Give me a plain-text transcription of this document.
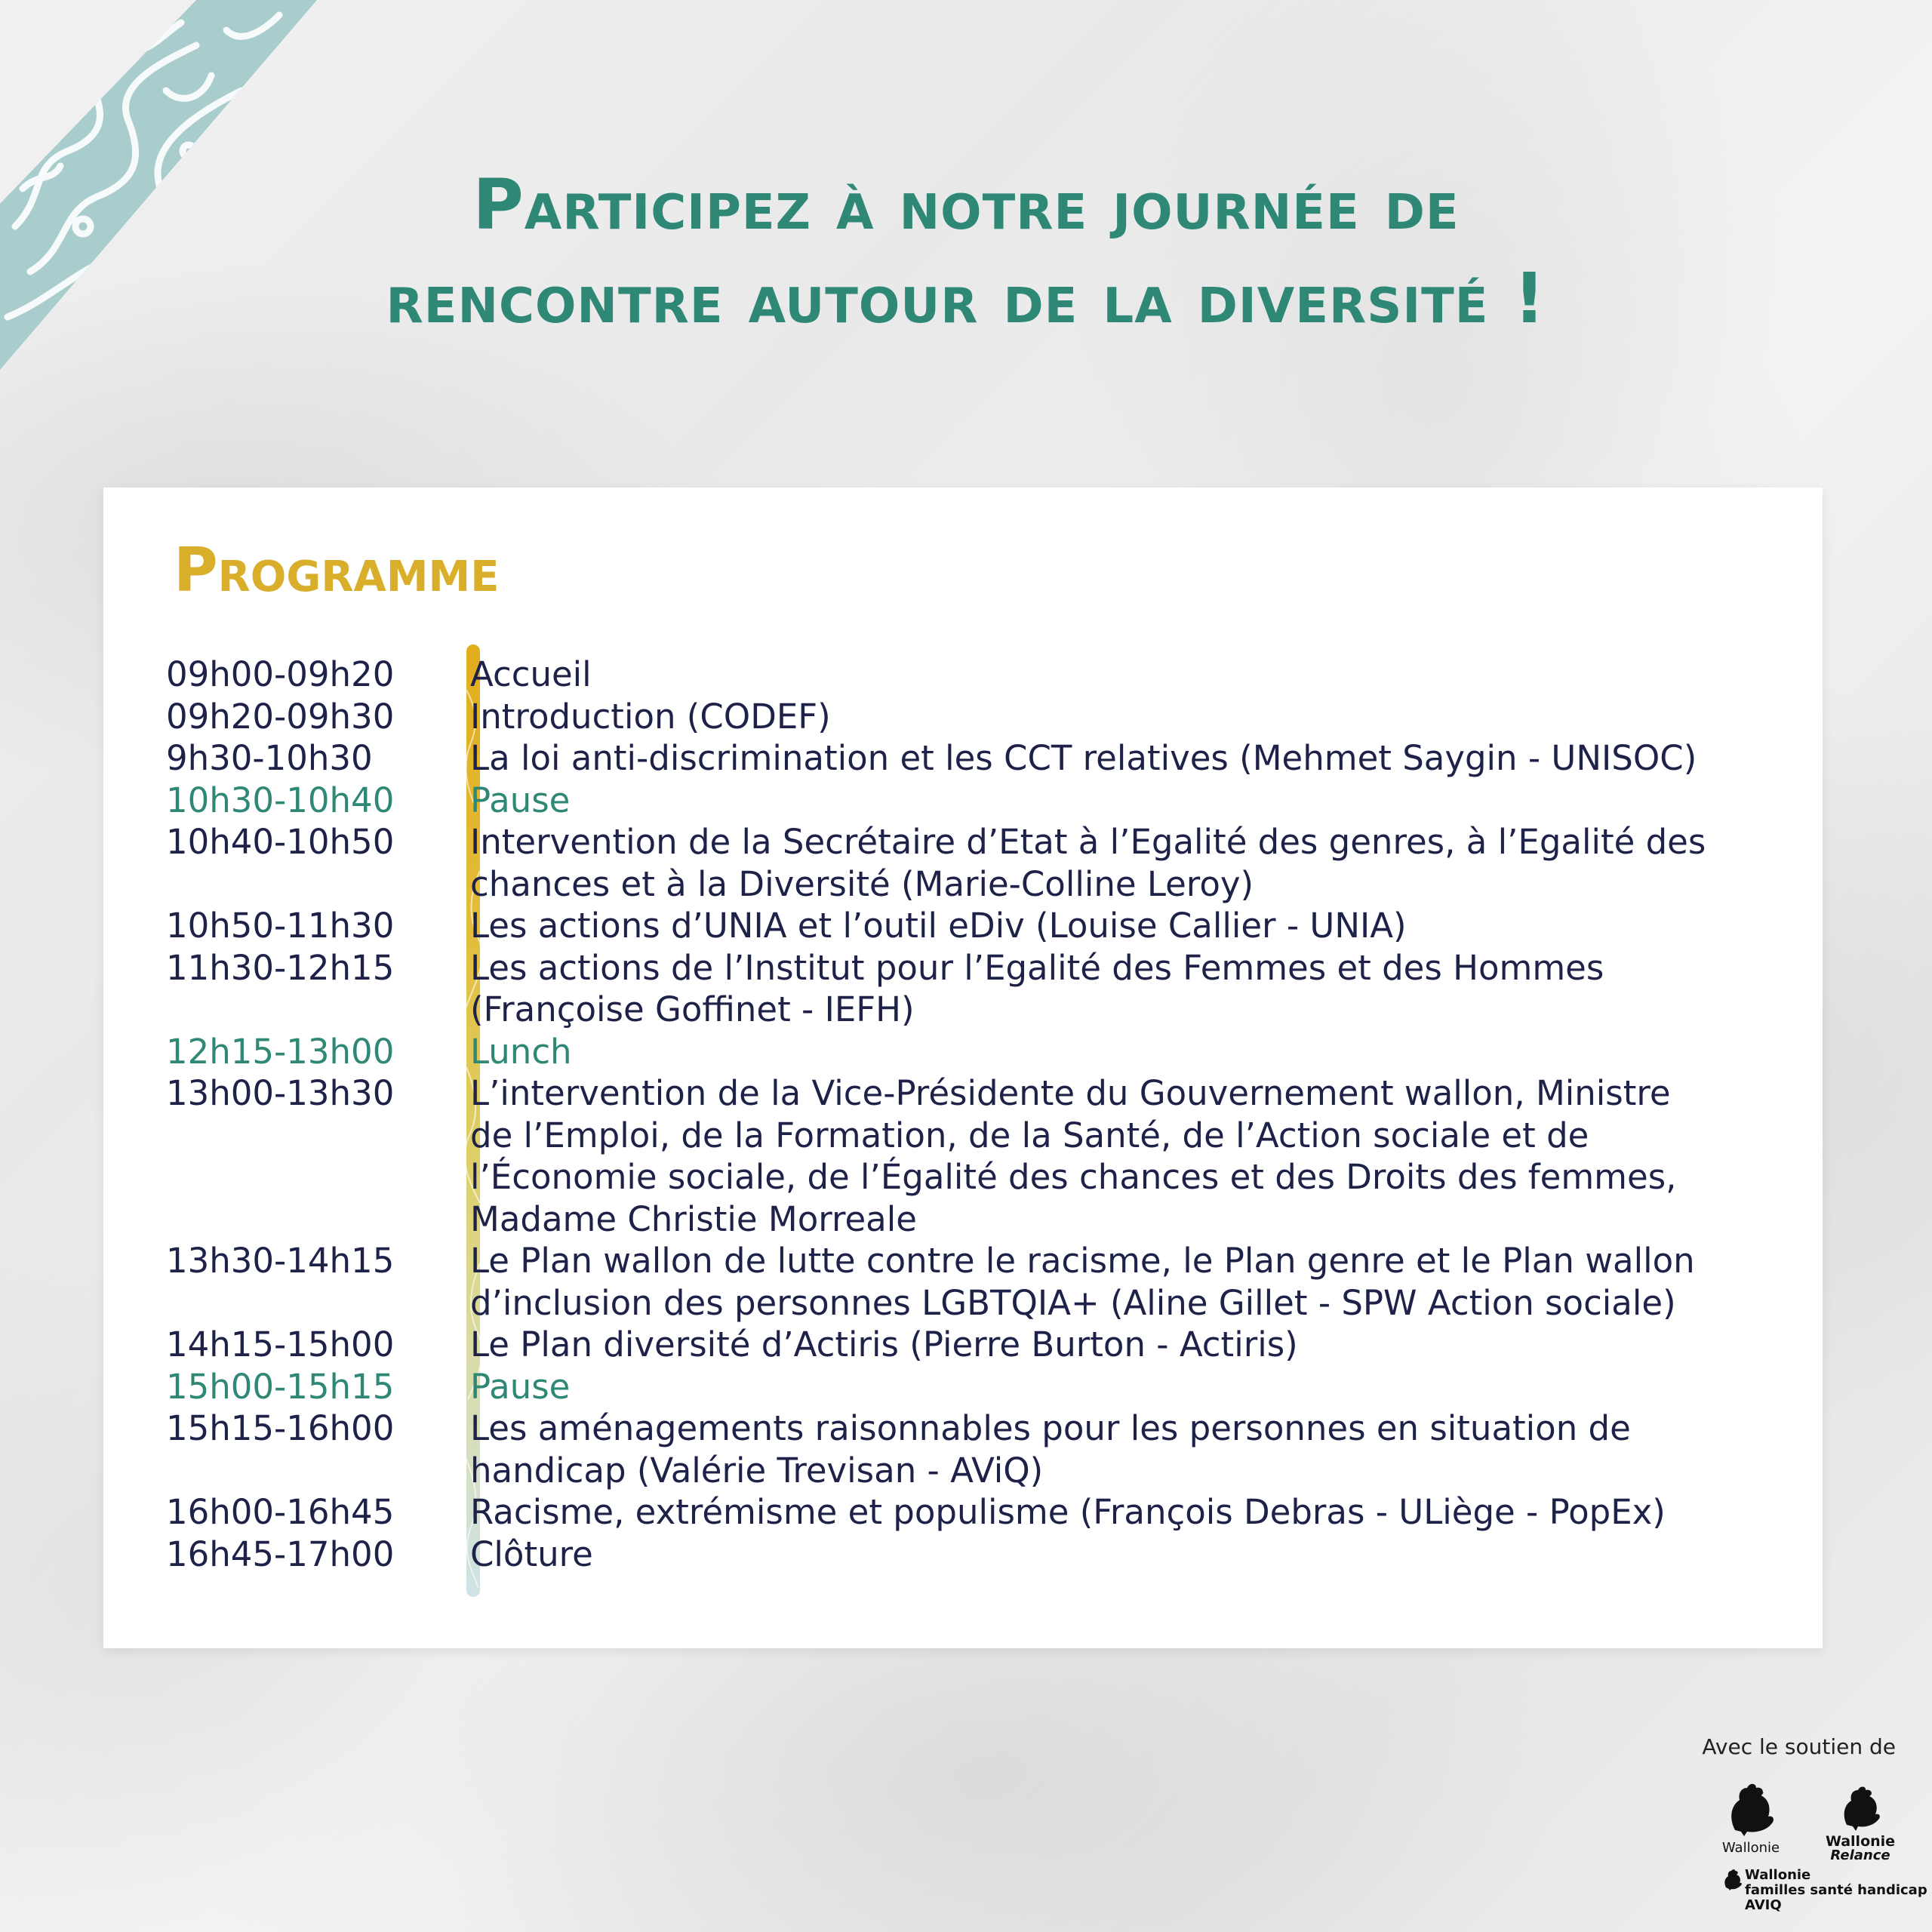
Participez à notre journée de
rencontre autour de la diversité !
Programme
09h00-09h20	Accueil
09h20-09h30	Introduction (CODEF)
9h30-10h30	La loi anti-discrimination et les CCT relatives (Mehmet Saygin - UNISOC)
10h30-10h40	Pause
10h40-10h50	Intervention de la Secrétaire d’Etat à l’Egalité des genres, à l’Egalité des chances et à la Diversité (Marie-Colline Leroy)
10h50-11h30	Les actions d’UNIA et l’outil eDiv (Louise Callier - UNIA)
11h30-12h15	Les actions de l’Institut pour l’Egalité des Femmes et des Hommes (Françoise Goffinet - IEFH)
12h15-13h00	Lunch
13h00-13h30	L’intervention de la Vice-Présidente du Gouvernement wallon, Ministre de l’Emploi, de la Formation, de la Santé, de l’Action sociale et de l’Économie sociale, de l’Égalité des chances et des Droits des femmes, Madame Christie Morreale
13h30-14h15	Le Plan wallon de lutte contre le racisme, le Plan genre et le Plan wallon d’inclusion des personnes LGBTQIA+ (Aline Gillet - SPW Action sociale)
14h15-15h00	Le Plan diversité d’Actiris (Pierre Burton - Actiris)
15h00-15h15	Pause
15h15-16h00	Les aménagements raisonnables pour les personnes en situation de handicap (Valérie Trevisan - AViQ)
16h00-16h45	Racisme, extrémisme et populisme (François Debras - ULiège - PopEx)
16h45-17h00	Clôture
Avec le soutien de
Wallonie	Wallonie
Relance
Wallonie
familles santé handicap
AVIQ
